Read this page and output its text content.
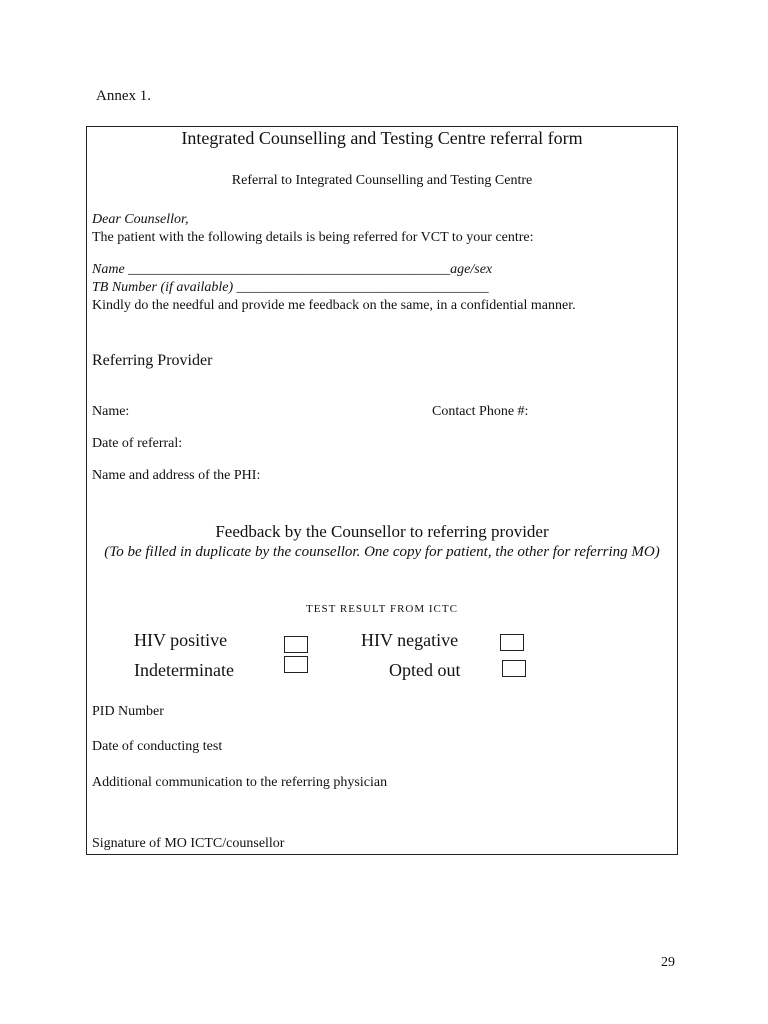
Annex 1.
Integrated Counselling and Testing Centre referral form
Referral to Integrated Counselling and Testing Centre
Dear Counsellor,
The patient with the following details is being referred for VCT to your centre:
Name ______________________________________________age/sex
TB Number (if available) ____________________________________
Kindly do the needful and provide me feedback on the same, in a confidential manner.
Referring Provider
Name:	Contact Phone #:
Date of referral:
Name and address of the PHI:
Feedback by the Counsellor to referring provider
(To be filled in duplicate by the counsellor. One copy for patient, the other for referring MO)
TEST RESULT FROM ICTC
HIV positive	HIV negative
Indeterminate	Opted out
PID Number
Date of conducting test
Additional communication to the referring physician
Signature of MO ICTC/counsellor
29
